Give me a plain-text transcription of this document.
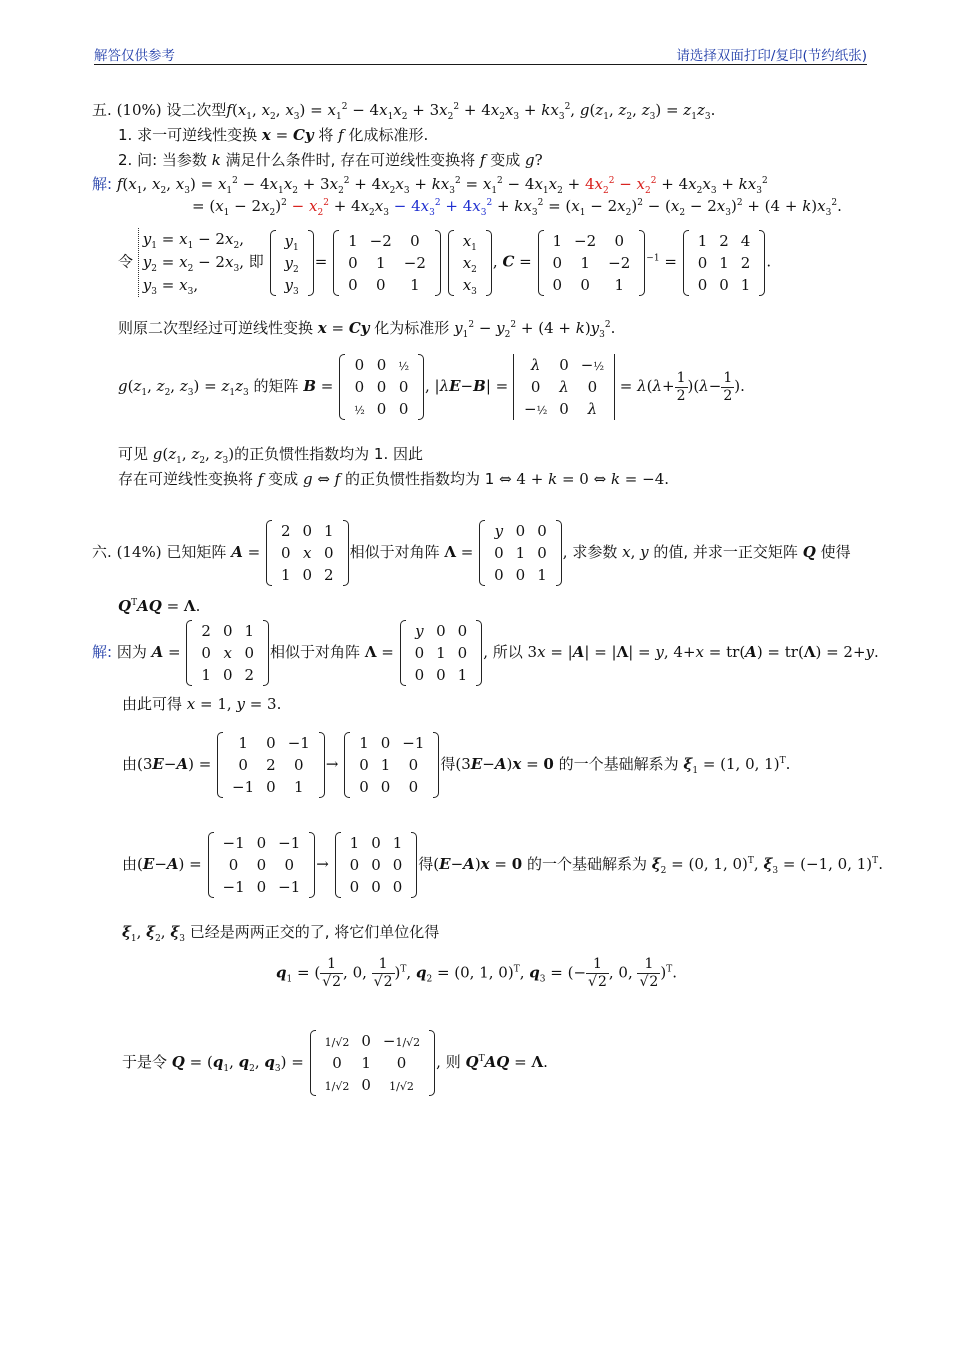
解答仅供参考	请选择双面打印/复印(节约纸张)
五. (10%) 设二次型$f(x_1$, $x_2$, $x_3) = x_1^2 - 4x_1x_2 + 3x_2^2 + 4x_2x_3 + kx_3^2$, $g(z_1$, $z_2$, $z_3) = z_1z_3$.
1. 求一可逆线性变换 x = Cy 将 f 化成标准形.
2. 问: 当参数 k 满足什么条件时, 存在可逆线性变换将 f 变成 g?
解: $f(x_1$, $x_2$, $x_3) = x_1^2 - 4x_1x_2 + 3x_2^2 + 4x_2x_3 + kx_3^2 = x_1^2 - 4x_1x_2 + 4x_2^2 - x_2^2 + 4x_2x_3 + kx_3^2$
= $(x_1 - 2x_2)^2 - x_2^2 + 4x_2x_3 - 4x_3^2 + 4x_3^2 + kx_3^2 = (x_1 - 2x_2)^2 - (x_2 - 2x_3)^2 + (4 + k)x_3^2$.
令
$y_1 = x_1 - 2x_2$,
$y_2 = x_2 - 2x_3$,
$y_3 = x_3$,
即
$y_1$
$y_2$
$y_3$
=
1	−2	0
0	1	−2
0	0	1

$x_1$
$x_2$
$x_3$
, C =
1	−2	0
0	1	−2
0	0	1
$^{-1}$ =
1	2	4
0	1	2
0	0	1
.
则原二次型经过可逆线性变换 x = Cy 化为标准形 $y_1^2 - y_2^2 + (4 + k)y_3^2$.
$g(z_1$, $z_2$, $z_3) = z_1z_3$ 的矩阵 B =
0	0	½
0	0	0
½	0	0
, |λE−B| =
λ	0	−½
0	λ	0
−½	0	λ
= $\lambda(\lambda+ \frac{1}{2} )(\lambda- \frac{1}{2}$ ).
可见 $g(z_1$, $z_2$, $z_3$)的正负惯性指数均为 1. 因此
存在可逆线性变换将 f 变成 g ⇔ f 的正负惯性指数均为 1 ⇔ 4 + k = 0 ⇔ k = −4.
六. (14%) 已知矩阵 A =
2	0	1
0	x	0
1	0	2
相似于对角阵 Λ =
y	0	0
0	1	0
0	0	1
, 求参数 x, y 的值, 并求一正交矩阵 Q 使得
$Q^TAQ = \Lambda$.
解: 因为 A =
2	0	1
0	x	0
1	0	2
相似于对角阵 Λ =
y	0	0
0	1	0
0	0	1
, 所以 3x = |A| = |Λ| = y, 4+x = tr(A) = tr(Λ) = 2+y.
由此可得 x = 1, y = 3.
由(3E−A) =
1	0	−1
0	2	0
−1	0	1
→
1	0	−1
0	1	0
0	0	0
得(3E−A)x = 0 的一个基础解系为 $\xi_1 = (1$, 0, 1)$^T$.
由(E−A) =
−1	0	−1
0	0	0
−1	0	−1
→
1	0	1
0	0	0
0	0	0
得(E−A)x = 0 的一个基础解系为 $\xi_2 = (0$, 1, 0)$^T$, $\xi_3 = (-1$, 0, 1)$^T$.
$\xi_1$, $\xi_2$, $\xi_3$ 已经是两两正交的了, 将它们单位化得
$q_1$ = ( $\frac{1}{√2}$ , 0, $\frac{1}{√2} )^T$, $q_2 = (0$, 1, 0)$^T$, $q_3$ = (− $\frac{1}{√2}$ , 0, $\frac{1}{√2} )^T$.
于是令 $Q = (q_1$, $q_2$, $q_3$) =
1/√2	0	−1/√2
0	1	0
1/√2	0	1/√2
, 则 $Q^TAQ = \Lambda$.
